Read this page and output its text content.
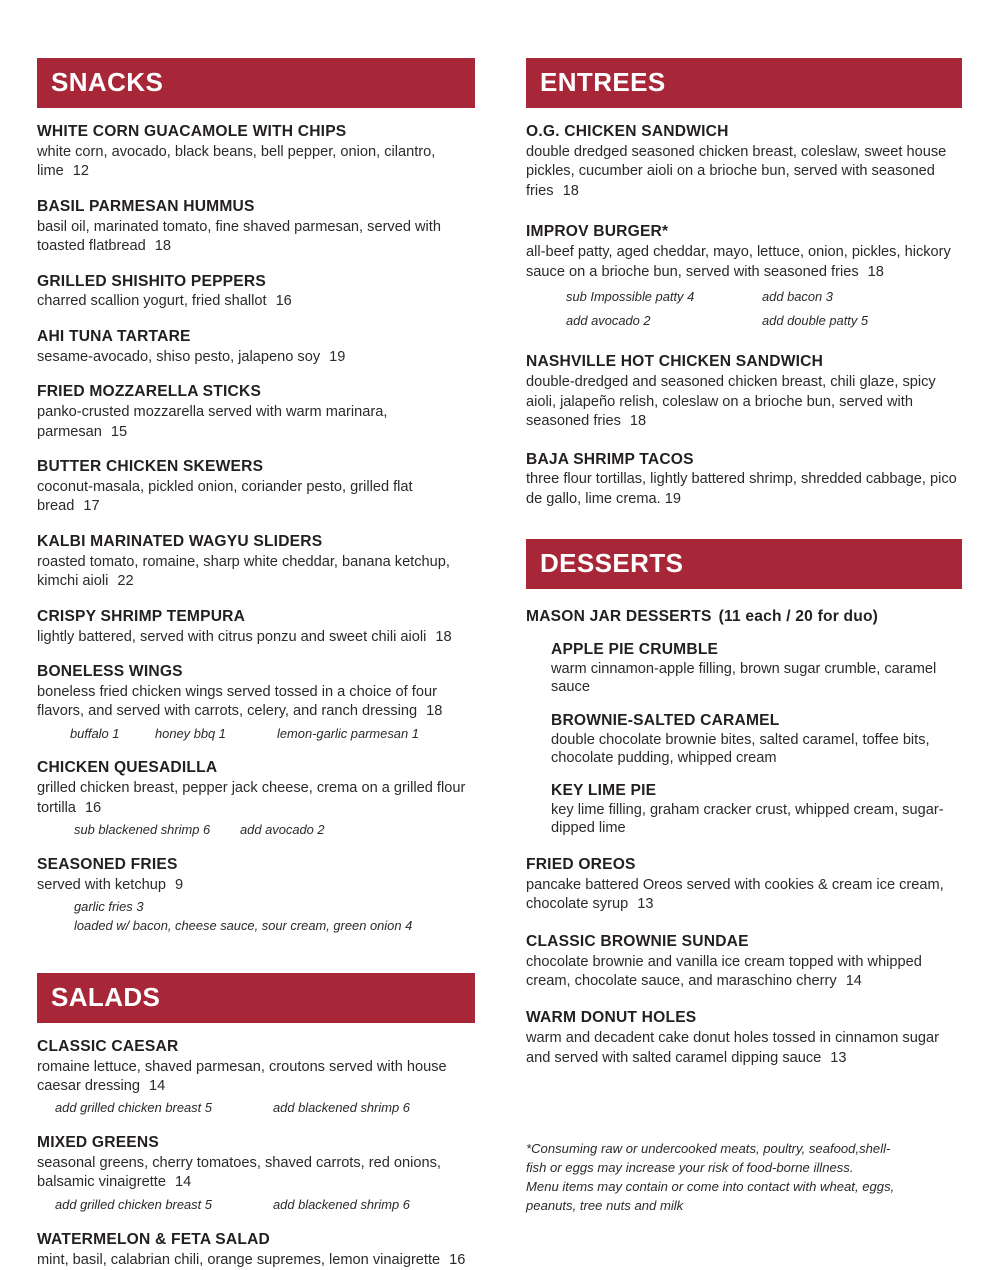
SNACKS
WHITE CORN GUACAMOLE WITH CHIPS
white corn, avocado, black beans, bell pepper, onion, cilantro, lime 12
BASIL PARMESAN HUMMUS
basil oil, marinated tomato, fine shaved parmesan, served with toasted flatbread 18
GRILLED SHISHITO PEPPERS
charred scallion yogurt, fried shallot 16
AHI TUNA TARTARE
sesame-avocado, shiso pesto, jalapeno soy 19
FRIED MOZZARELLA STICKS
panko-crusted mozzarella served with warm marinara, parmesan 15
BUTTER CHICKEN SKEWERS
coconut-masala, pickled onion, coriander pesto, grilled flat bread 17
KALBI MARINATED WAGYU SLIDERS
roasted tomato, romaine, sharp white cheddar, banana ketchup, kimchi aioli 22
CRISPY SHRIMP TEMPURA
lightly battered, served with citrus ponzu and sweet chili aioli 18
BONELESS WINGS
boneless fried chicken wings served tossed in a choice of four flavors, and served with carrots, celery, and ranch dressing 18
buffalo 1	honey bbq 1	lemon-garlic parmesan 1
CHICKEN QUESADILLA
grilled chicken breast, pepper jack cheese, crema on a grilled flour tortilla 16
sub blackened shrimp 6	add avocado 2
SEASONED FRIES
served with ketchup 9
garlic fries 3
loaded w/ bacon, cheese sauce, sour cream, green onion 4
SALADS
CLASSIC CAESAR
romaine lettuce, shaved parmesan, croutons served with house caesar dressing 14
add grilled chicken breast 5	add blackened shrimp 6
MIXED GREENS
seasonal greens, cherry tomatoes, shaved carrots, red onions, balsamic vinaigrette 14
add grilled chicken breast 5	add blackened shrimp 6
WATERMELON & FETA SALAD
mint, basil, calabrian chili, orange supremes, lemon vinaigrette 16
ENTREES
O.G. CHICKEN SANDWICH
double dredged seasoned chicken breast, coleslaw, sweet house pickles, cucumber aioli on a brioche bun, served with seasoned fries 18
IMPROV BURGER*
all-beef patty, aged cheddar, mayo, lettuce, onion, pickles, hickory sauce on a brioche bun, served with seasoned fries 18
sub Impossible patty 4	add bacon 3
add avocado 2	add double patty 5
NASHVILLE HOT CHICKEN SANDWICH
double-dredged and seasoned chicken breast, chili glaze, spicy aioli, jalapeño relish, coleslaw on a brioche bun, served with seasoned fries 18
BAJA SHRIMP TACOS
three flour tortillas, lightly battered shrimp, shredded cabbage, pico de gallo, lime crema. 19
DESSERTS
MASON JAR DESSERTS (11 each / 20 for duo)
APPLE PIE CRUMBLE
warm cinnamon-apple filling, brown sugar crumble, caramel sauce
BROWNIE-SALTED CARAMEL
double chocolate brownie bites, salted caramel, toffee bits, chocolate pudding, whipped cream
KEY LIME PIE
key lime filling, graham cracker crust, whipped cream, sugar-dipped lime
FRIED OREOS
pancake battered Oreos served with cookies & cream ice cream, chocolate syrup 13
CLASSIC BROWNIE SUNDAE
chocolate brownie and vanilla ice cream topped with whipped cream, chocolate sauce, and maraschino cherry 14
WARM DONUT HOLES
warm and decadent cake donut holes tossed in cinnamon sugar and served with salted caramel dipping sauce 13

*Consuming raw or undercooked meats, poultry, seafood,shell-

fish or eggs may increase your risk of food-borne illness.

Menu items may contain or come into contact with wheat, eggs,

peanuts, tree nuts and milk
